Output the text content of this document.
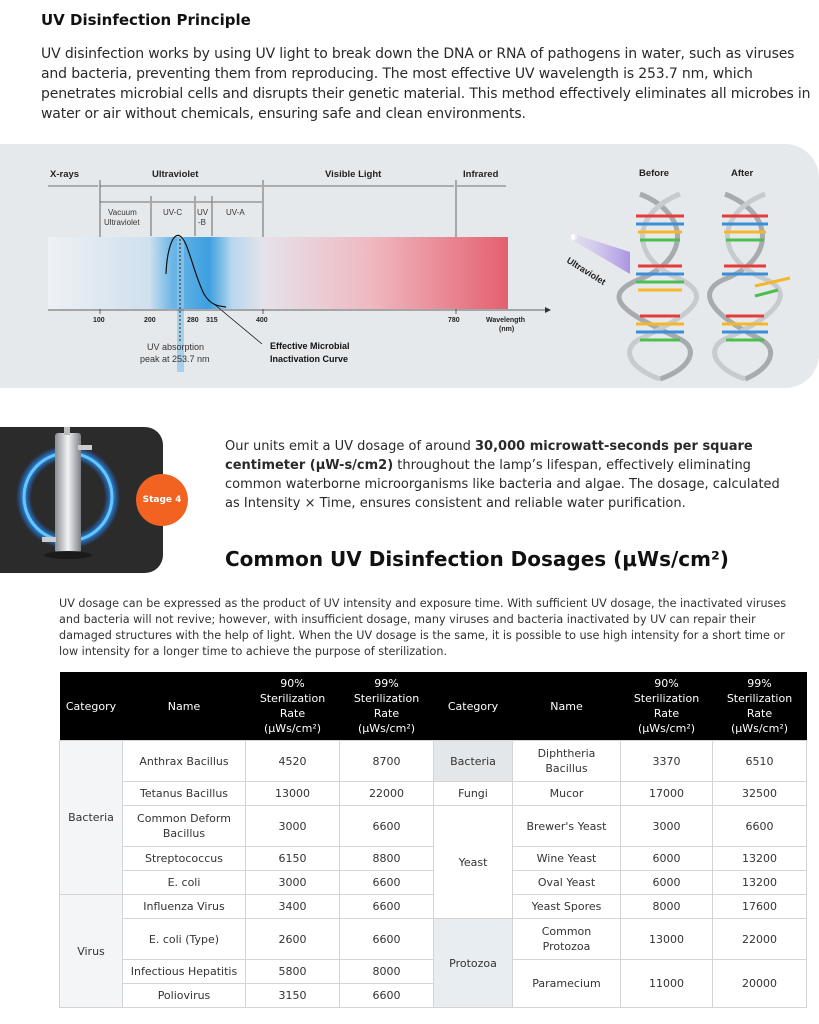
UV Disinfection Principle
UV disinfection works by using UV light to break down the DNA or RNA of pathogens in water, such as viruses and bacteria, preventing them from reproducing. The most effective UV wavelength is 253.7 nm, which penetrates microbial cells and disrupts their genetic material. This method effectively eliminates all microbes in water or air without chemicals, ensuring safe and clean environments.
X-rays	Ultraviolet	Visible Light	Infrared
Vacuum
Ultraviolet
UV-C UV
-B
UV-A
100	200	280 315	400	780	Wavelength
(nm)
UV absorption
peak at 253.7 nm
Effective Microbial
Inactivation Curve
Before	After
Ultraviolet
Stage 4
Our units emit a UV dosage of around 30,000 microwatt-seconds per square centimeter (μW-s/cm2) throughout the lamp’s lifespan, effectively eliminating common waterborne microorganisms like bacteria and algae. The dosage, calculated as Intensity × Time, ensures consistent and reliable water purification.
Common UV Disinfection Dosages (μWs/cm²)
UV dosage can be expressed as the product of UV intensity and exposure time. With sufficient UV dosage, the inactivated viruses and bacteria will not revive; however, with insufficient dosage, many viruses and bacteria inactivated by UV can repair their damaged structures with the help of light. When the UV dosage is the same, it is possible to use high intensity for a short time or low intensity for a longer time to achieve the purpose of sterilization.
Category	Name	90%
Sterilization
Rate
(μWs/cm²)	99%
Sterilization
Rate
(μWs/cm²)	Category	Name	90%
Sterilization
Rate
(μWs/cm²)	99%
Sterilization
Rate
(μWs/cm²)
Bacteria	Anthrax Bacillus	4520	8700	Bacteria	Diphtheria Bacillus	3370	6510
	Tetanus Bacillus	13000	22000	Fungi	Mucor	17000	32500
	Common Deform Bacillus	3000	6600	Yeast	Brewer's Yeast	3000	6600
	Streptococcus	6150	8800		Wine Yeast	6000	13200
	E. coli	3000	6600		Oval Yeast	6000	13200
Virus	Influenza Virus	3400	6600		Yeast Spores	8000	17600
	E. coli (Type)	2600	6600	Protozoa	Common Protozoa	13000	22000
	Infectious Hepatitis	5800	8000		Paramecium	11000	20000
	Poliovirus	3150	6600				
